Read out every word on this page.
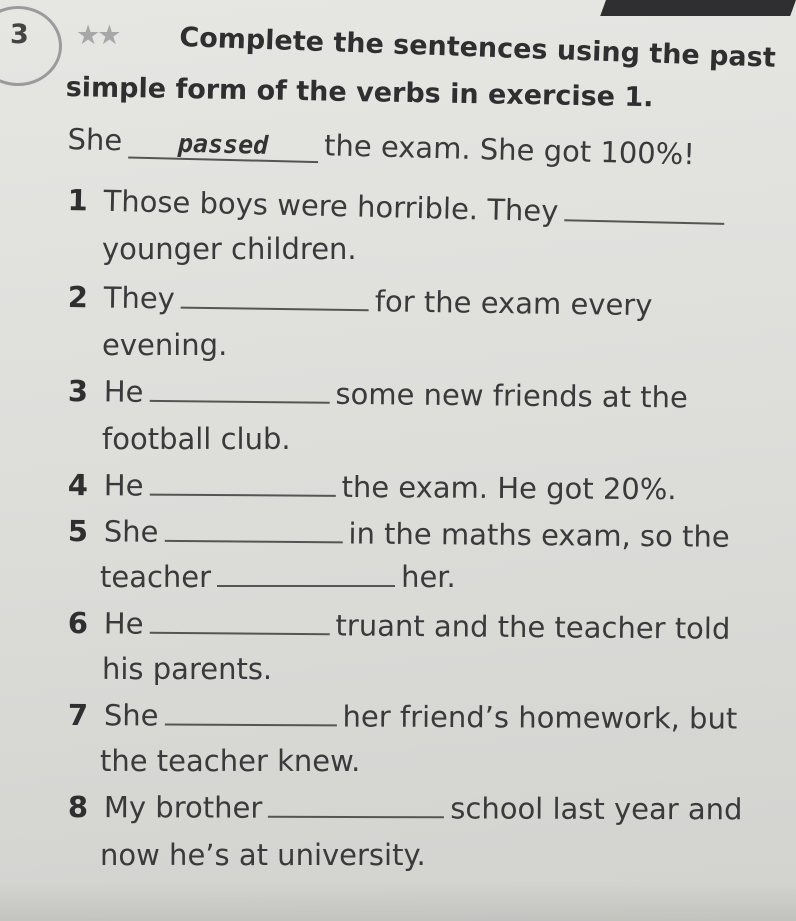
3 ★★ Complete the sentences using the past
simple form of the verbs in exercise 1.
She passed the exam. She got 100%!
1 Those boys were horrible. They
younger children.
2 They	for the exam every
evening.
3 He	some new friends at the
football club.
4 He	the exam. He got 20%.
5 She	in the maths exam, so the
teacher	her.
6 He	truant and the teacher told
his parents.
7 She	her friend’s homework, but
the teacher knew.
8 My brother	school last year and
now he’s at university.
